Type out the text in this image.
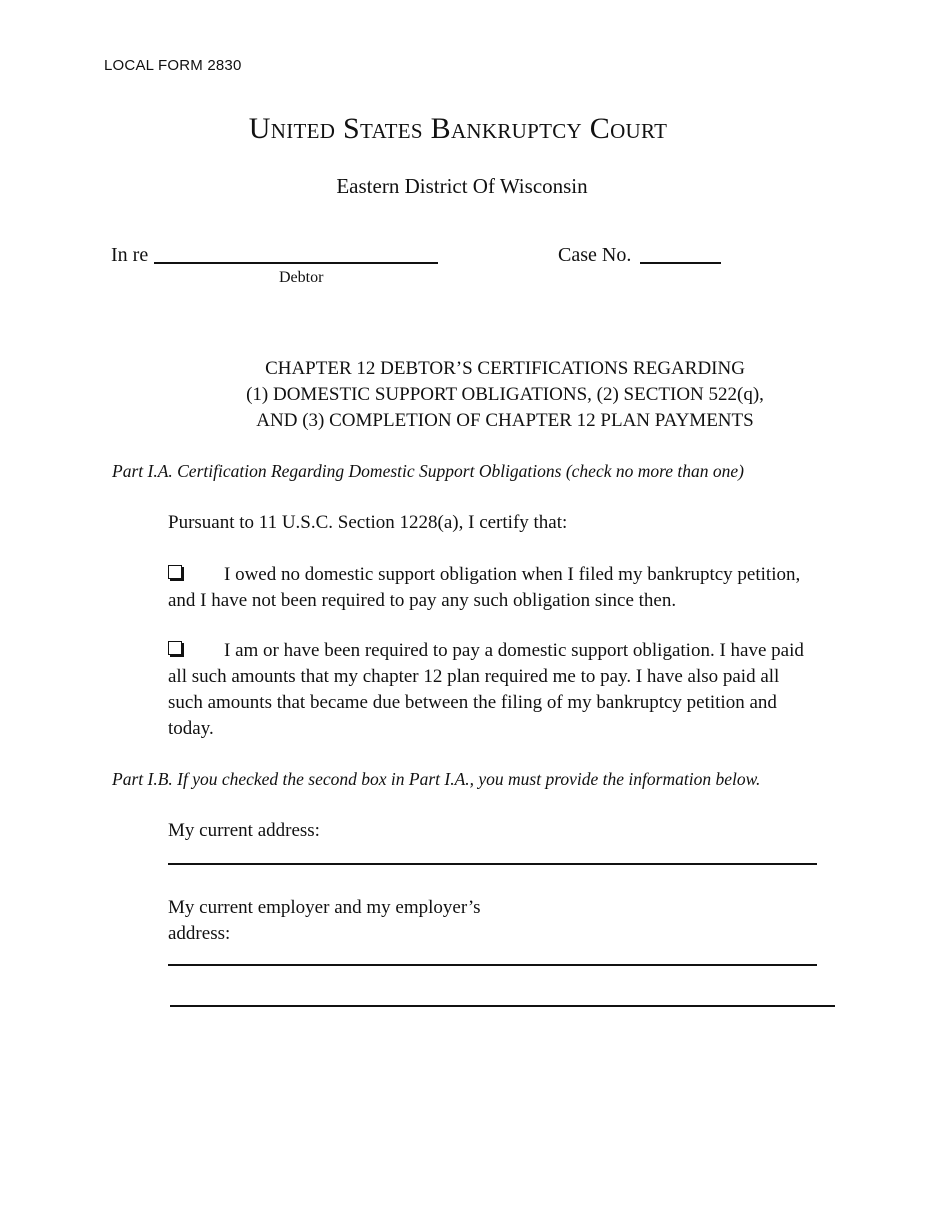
LOCAL FORM 2830
United States Bankruptcy Court
Eastern District Of Wisconsin
In re
Debtor
Case No.
CHAPTER 12 DEBTOR’S CERTIFICATIONS REGARDING
(1) DOMESTIC SUPPORT OBLIGATIONS, (2) SECTION 522(q),
AND (3) COMPLETION OF CHAPTER 12 PLAN PAYMENTS
Part I.A. Certification Regarding Domestic Support Obligations (check no more than one)
Pursuant to 11 U.S.C. Section 1228(a), I certify that:
I owed no domestic support obligation when I filed my bankruptcy petition, and I have not been required to pay any such obligation since then.
I am or have been required to pay a domestic support obligation. I have paid all such amounts that my chapter 12 plan required me to pay. I have also paid all such amounts that became due between the filing of my bankruptcy petition and today.
Part I.B. If you checked the second box in Part I.A., you must provide the information below.
My current address:
My current employer and my employer’s
address:
